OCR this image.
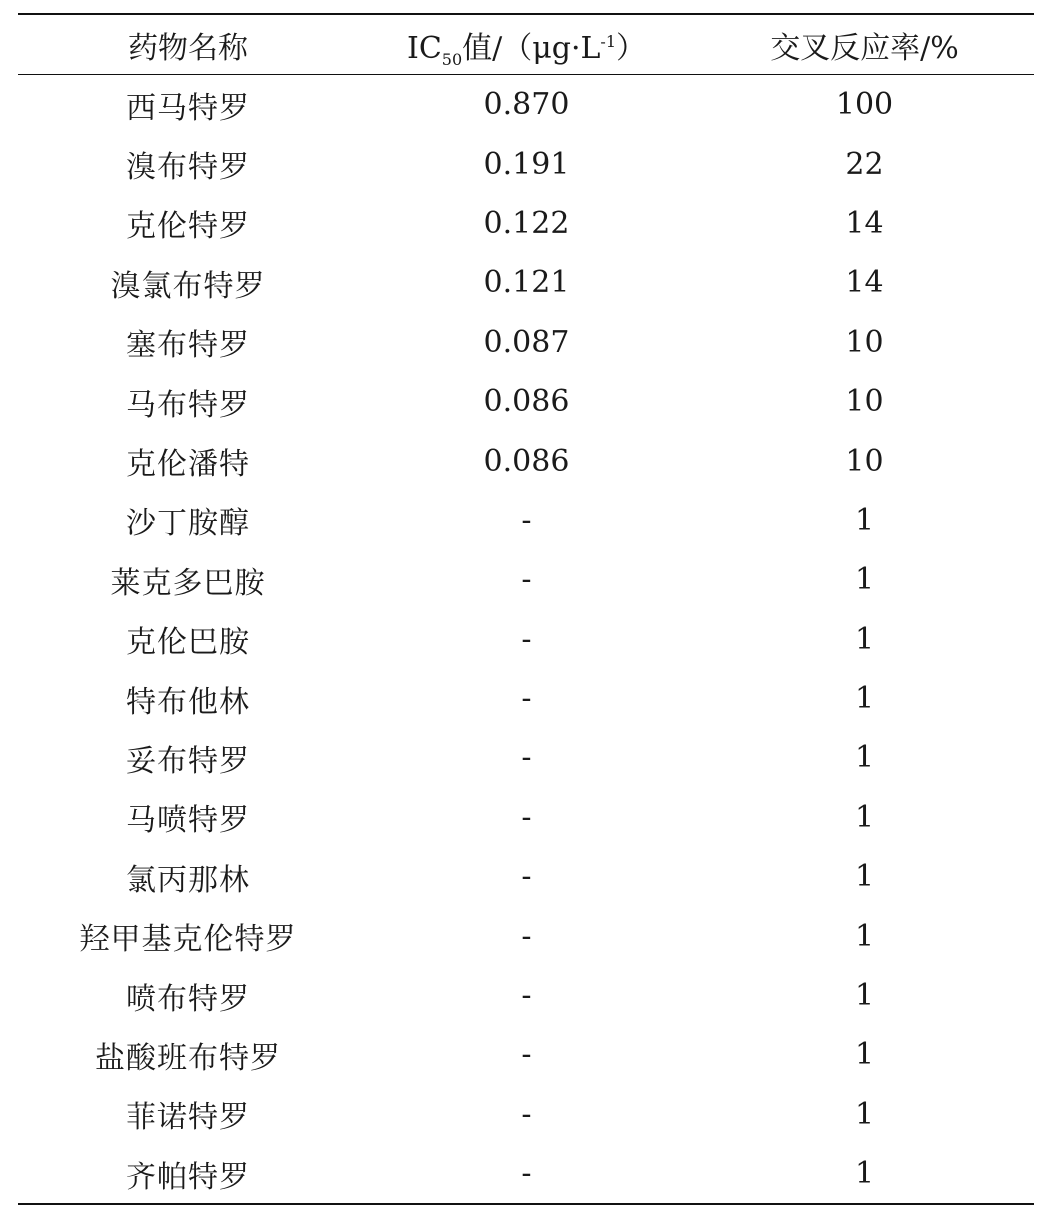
药物名称	$IC_{50}$值$/(\mu g\cdot L^{-1})$	交叉反应率/%
西马特罗	0.870	100
溴布特罗	0.191	22
克伦特罗	0.122	14
溴氯布特罗	0.121	14
塞布特罗	0.087	10
马布特罗	0.086	10
克伦潘特	0.086	10
沙丁胺醇	-	1
莱克多巴胺	-	1
克伦巴胺	-	1
特布他林	-	1
妥布特罗	-	1
马喷特罗	-	1
氯丙那林	-	1
羟甲基克伦特罗	-	1
喷布特罗	-	1
盐酸班布特罗	-	1
菲诺特罗	-	1
齐帕特罗	-	1
